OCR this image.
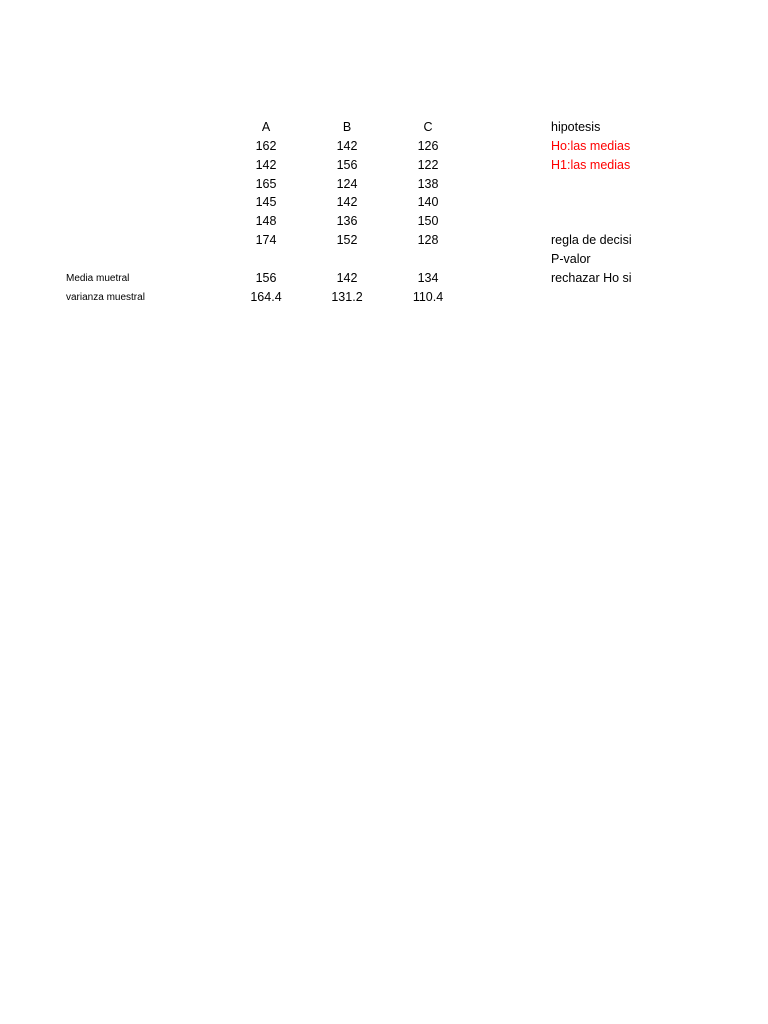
A	B	C
162	142	126
142	156	122
165	124	138
145	142	140
148	136	150
174	152	128
Media muetral	156	142	134
varianza muestral	164.4	131.2	110.4
hipotesis
Ho:las medias
H1:las medias
regla de decisi
P-valor
rechazar Ho si
